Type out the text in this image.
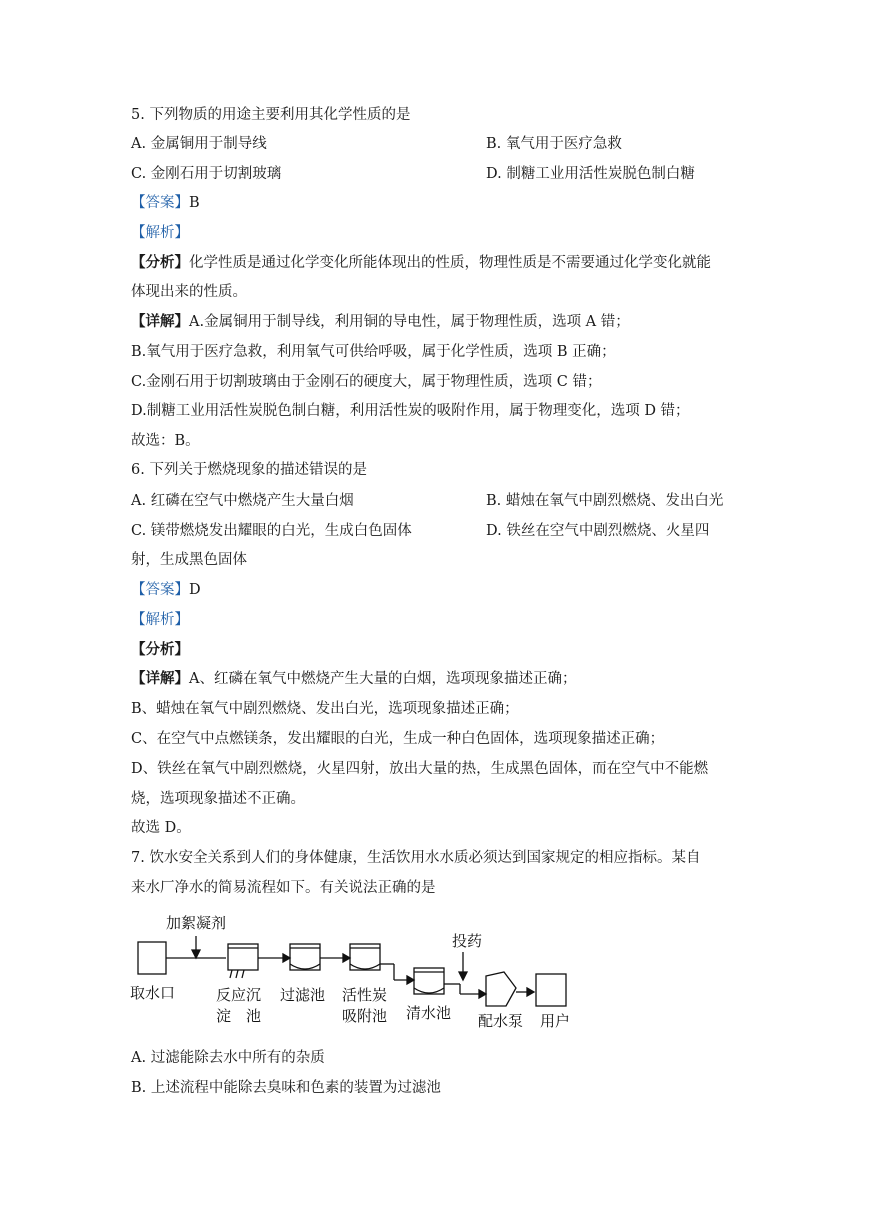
5. 下列物质的用途主要利用其化学性质的是
A. 金属铜用于制导线	B. 氧气用于医疗急救
C. 金刚石用于切割玻璃	D. 制糖工业用活性炭脱色制白糖
【答案】B
【解析】
【分析】化学性质是通过化学变化所能体现出的性质，物理性质是不需要通过化学变化就能
体现出来的性质。
【详解】A.金属铜用于制导线，利用铜的导电性，属于物理性质，选项 A 错；
B.氧气用于医疗急救，利用氧气可供给呼吸，属于化学性质，选项 B 正确；
C.金刚石用于切割玻璃由于金刚石的硬度大，属于物理性质，选项 C 错；
D.制糖工业用活性炭脱色制白糖，利用活性炭的吸附作用，属于物理变化，选项 D 错；
故选：B。
6. 下列关于燃烧现象的描述错误的是
A. 红磷在空气中燃烧产生大量白烟	B. 蜡烛在氧气中剧烈燃烧、发出白光
C. 镁带燃烧发出耀眼的白光，生成白色固体	D. 铁丝在空气中剧烈燃烧、火星四
射，生成黑色固体
【答案】D
【解析】
【分析】
【详解】A、红磷在氧气中燃烧产生大量的白烟，选项现象描述正确；
B、蜡烛在氧气中剧烈燃烧、发出白光，选项现象描述正确；
C、在空气中点燃镁条，发出耀眼的白光，生成一种白色固体，选项现象描述正确；
D、铁丝在氧气中剧烈燃烧，火星四射，放出大量的热，生成黑色固体，而在空气中不能燃
烧，选项现象描述不正确。
故选 D。
7. 饮水安全关系到人们的身体健康，生活饮用水水质必须达到国家规定的相应指标。某自
来水厂净水的简易流程如下。有关说法正确的是
加絮凝剂
投药
取水口	反应沉
淀　池
过滤池 活性炭
吸附池 清水池 配水泵 用户
A. 过滤能除去水中所有的杂质
B. 上述流程中能除去臭味和色素的装置为过滤池
